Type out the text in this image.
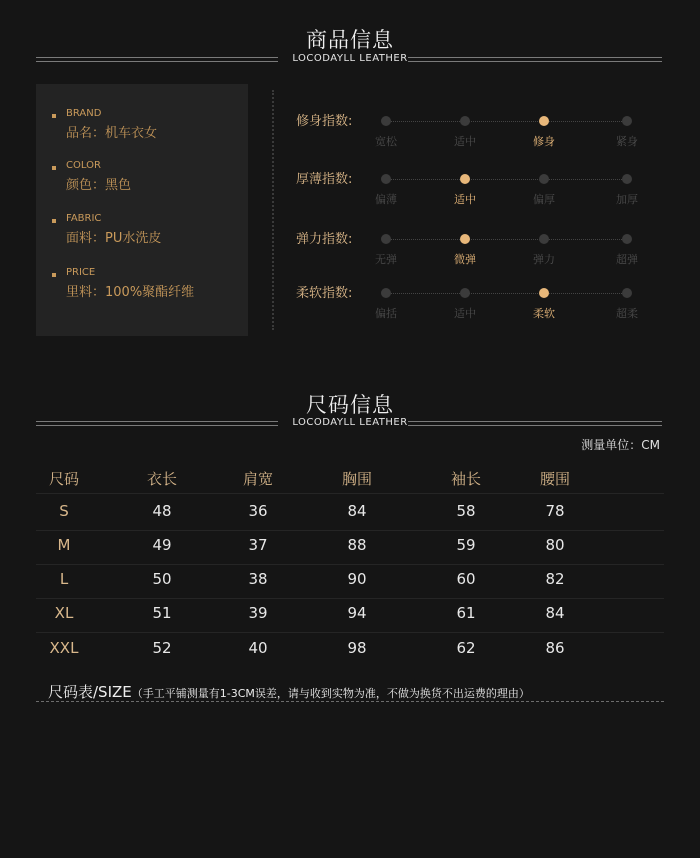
商品信息
LOCODAYLL LEATHER
BRAND
品名：机车衣女
COLOR
颜色：黑色
FABRIC
面料：PU水洗皮
PRICE
里料：100%聚酯纤维
修身指数:
宽松	适中	修身	紧身
厚薄指数:
偏薄	适中	偏厚	加厚
弹力指数:
无弹	微弹	弹力	超弹
柔软指数:
偏括	适中	柔软	超柔
尺码信息
LOCODAYLL LEATHER
测量单位：CM
尺码	衣长	肩宽	胸围	袖长	腰围
S	48	36	84	58	78
M	49	37	88	59	80
L	50	38	90	60	82
XL	51	39	94	61	84
XXL	52	40	98	62	86
尺码表/SIZE（手工平铺测量有1-3CM误差，请与收到实物为准，不做为换货不出运费的理由）
